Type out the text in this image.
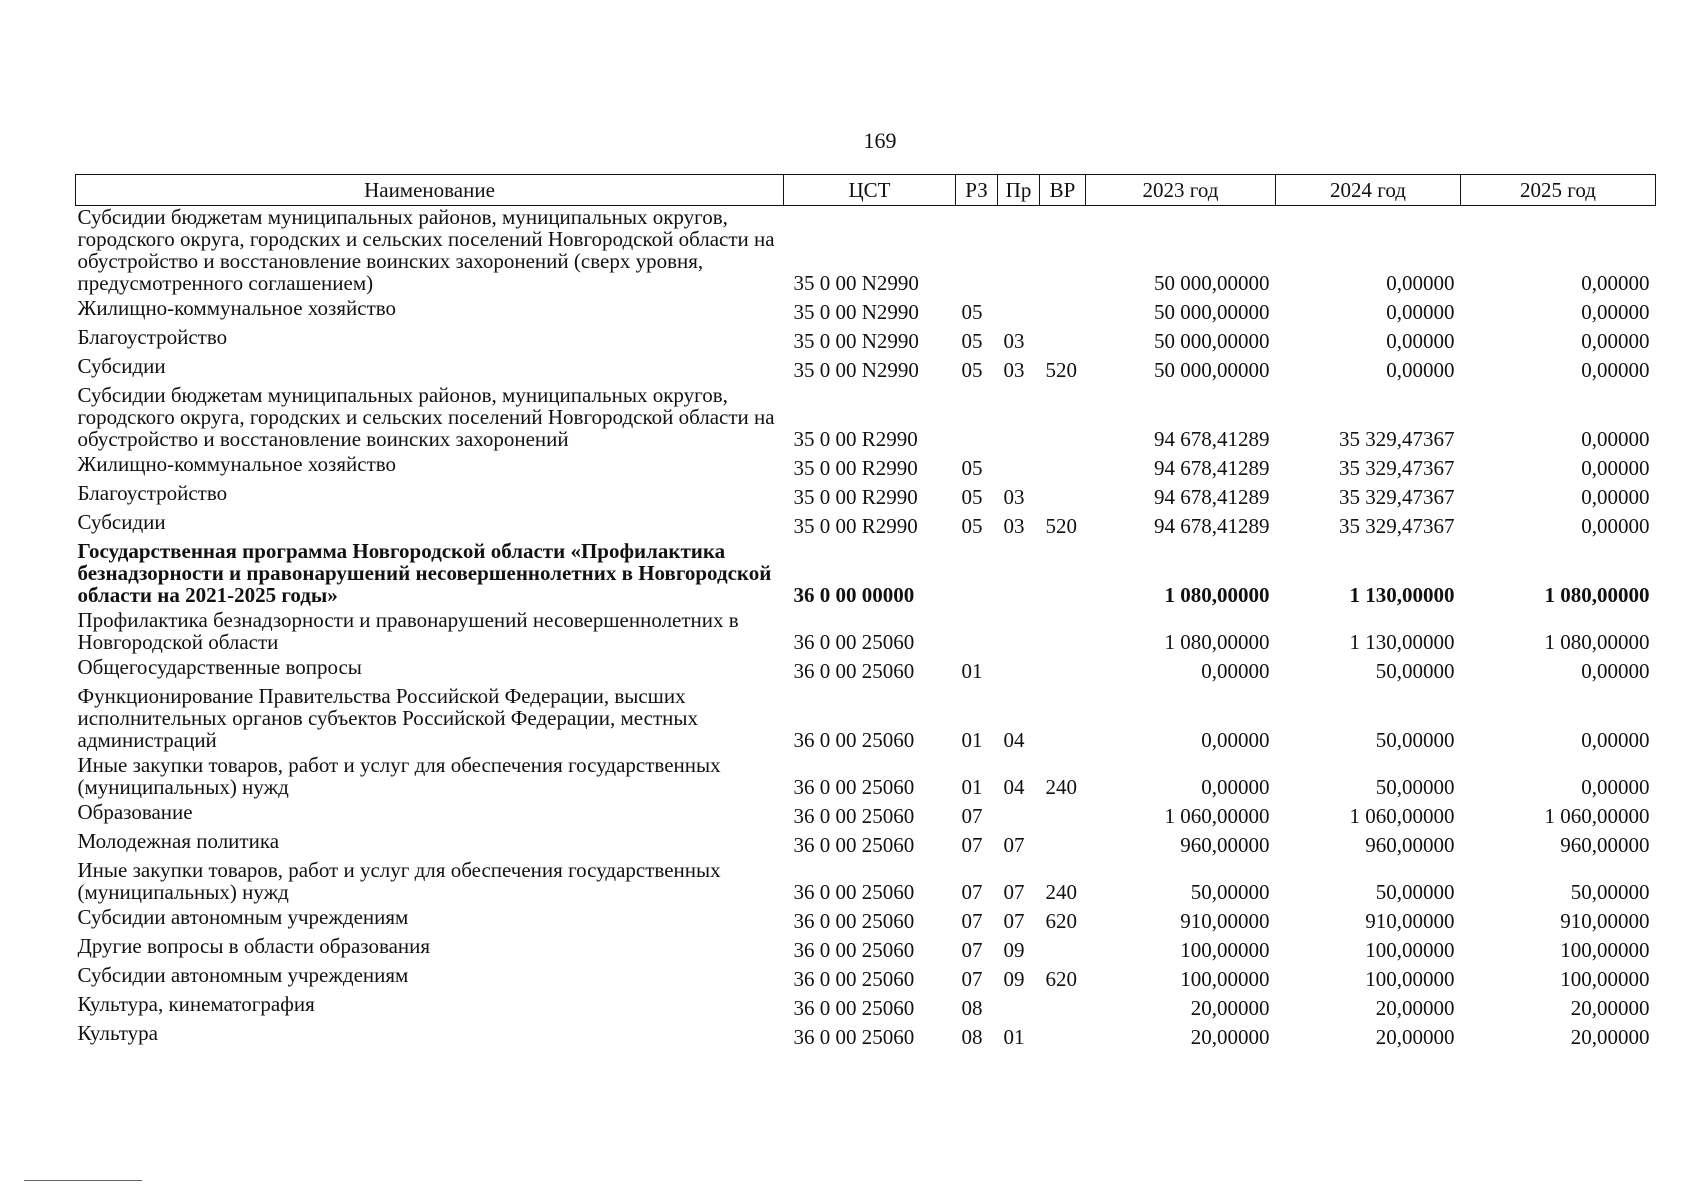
169
Наименование	ЦСТ	РЗ	Пр	ВР	2023 год	2024 год	2025 год
Субсидии бюджетам муниципальных районов, муниципальных округов, городского округа, городских и сельских поселений Новгородской области на обустройство и восстановление воинских захоронений (сверх уровня, предусмотренного соглашением)	35 0 00 N2990				50 000,00000	0,00000	0,00000
Жилищно-коммунальное хозяйство	35 0 00 N2990	05			50 000,00000	0,00000	0,00000
Благоустройство	35 0 00 N2990	05	03		50 000,00000	0,00000	0,00000
Субсидии	35 0 00 N2990	05	03	520	50 000,00000	0,00000	0,00000
Субсидии бюджетам муниципальных районов, муниципальных округов, городского округа, городских и сельских поселений Новгородской области на обустройство и восстановление воинских захоронений	35 0 00 R2990				94 678,41289	35 329,47367	0,00000
Жилищно-коммунальное хозяйство	35 0 00 R2990	05			94 678,41289	35 329,47367	0,00000
Благоустройство	35 0 00 R2990	05	03		94 678,41289	35 329,47367	0,00000
Субсидии	35 0 00 R2990	05	03	520	94 678,41289	35 329,47367	0,00000
Государственная программа Новгородской области «Профилактика безнадзорности и правонарушений несовершеннолетних в Новгородской области на 2021-2025 годы»	36 0 00 00000				1 080,00000	1 130,00000	1 080,00000
Профилактика безнадзорности и правонарушений несовершеннолетних в Новгородской области	36 0 00 25060				1 080,00000	1 130,00000	1 080,00000
Общегосударственные вопросы	36 0 00 25060	01			0,00000	50,00000	0,00000
Функционирование Правительства Российской Федерации, высших исполнительных органов субъектов Российской Федерации, местных администраций	36 0 00 25060	01	04		0,00000	50,00000	0,00000
Иные закупки товаров, работ и услуг для обеспечения государственных (муниципальных) нужд	36 0 00 25060	01	04	240	0,00000	50,00000	0,00000
Образование	36 0 00 25060	07			1 060,00000	1 060,00000	1 060,00000
Молодежная политика	36 0 00 25060	07	07		960,00000	960,00000	960,00000
Иные закупки товаров, работ и услуг для обеспечения государственных (муниципальных) нужд	36 0 00 25060	07	07	240	50,00000	50,00000	50,00000
Субсидии автономным учреждениям	36 0 00 25060	07	07	620	910,00000	910,00000	910,00000
Другие вопросы в области образования	36 0 00 25060	07	09		100,00000	100,00000	100,00000
Субсидии автономным учреждениям	36 0 00 25060	07	09	620	100,00000	100,00000	100,00000
Культура, кинематография	36 0 00 25060	08			20,00000	20,00000	20,00000
Культура	36 0 00 25060	08	01		20,00000	20,00000	20,00000
